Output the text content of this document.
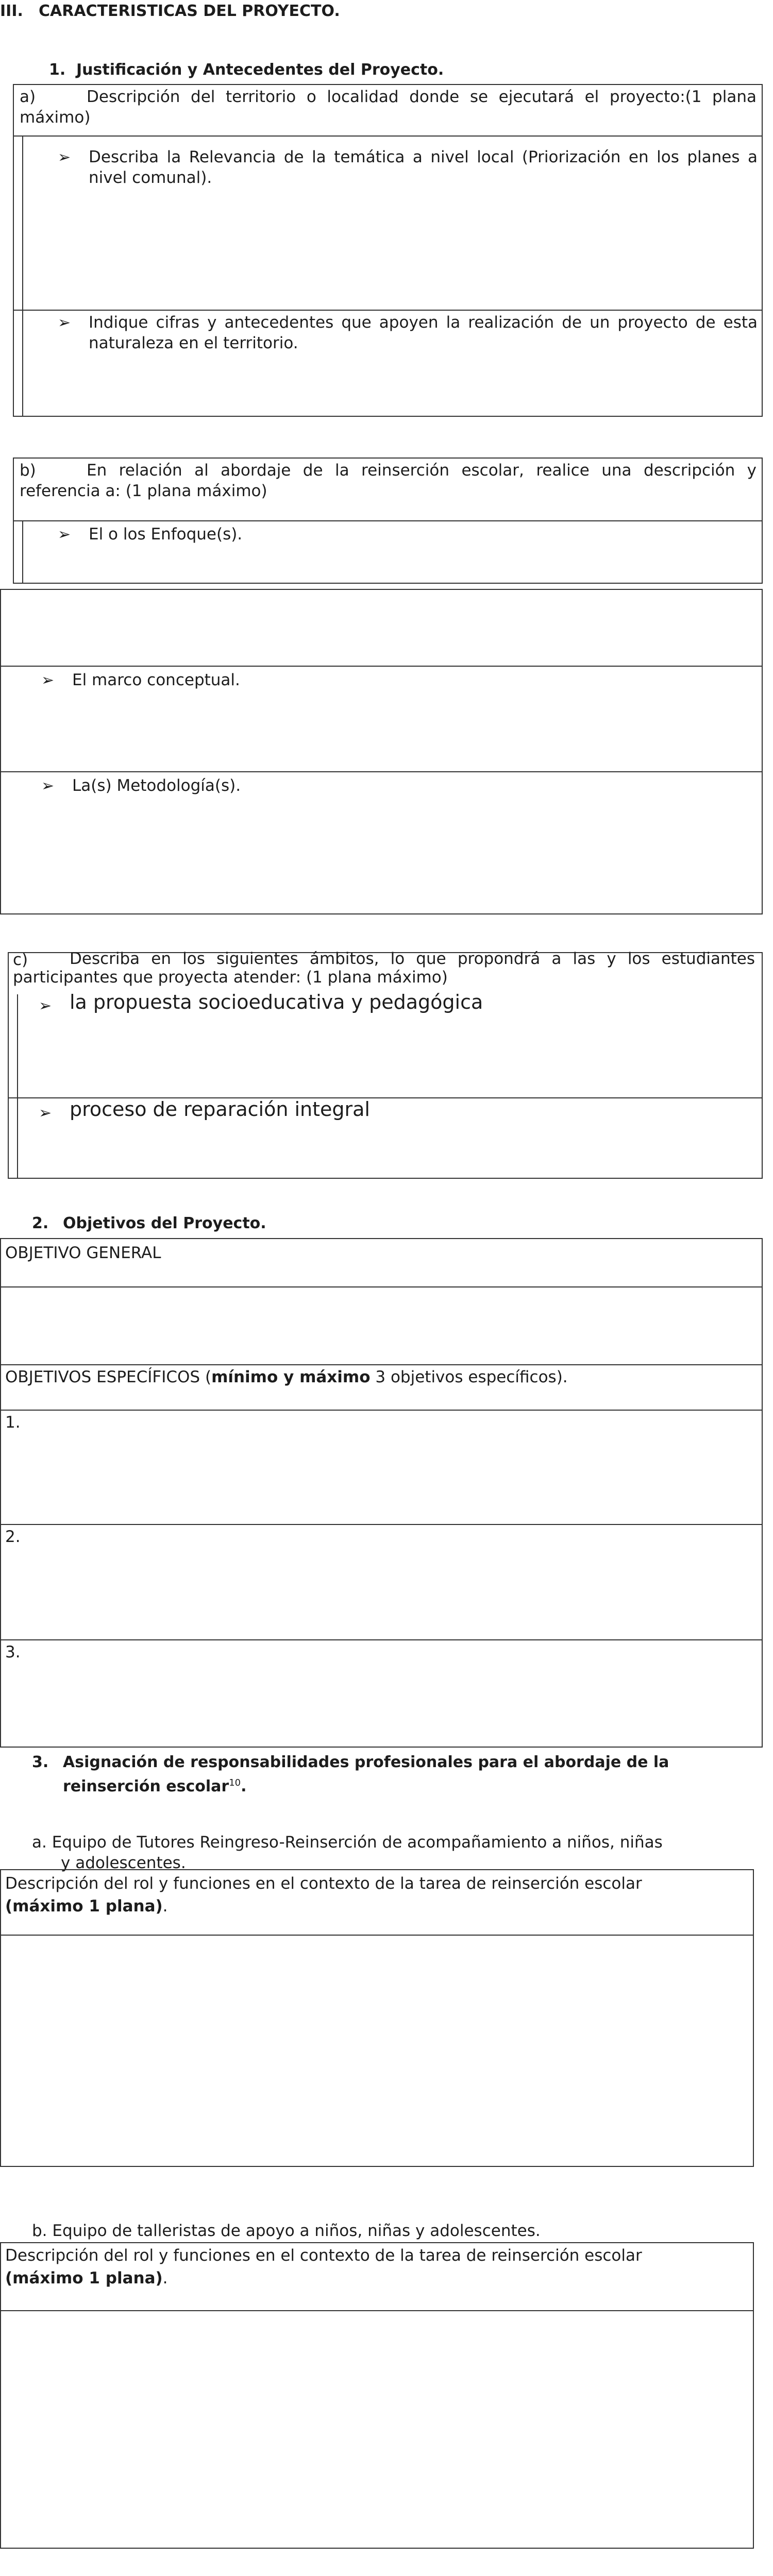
III. CARACTERISTICAS DEL PROYECTO.
1. Justificación y Antecedentes del Proyecto.
a)	Descripción del territorio o localidad donde se ejecutará el proyecto:(1 plana máximo)
➢ Describa la Relevancia de la temática a nivel local (Priorización en los planes a nivel comunal).
➢ Indique cifras y antecedentes que apoyen la realización de un proyecto de esta naturaleza en el territorio.
b)	En relación al abordaje de la reinserción escolar, realice una descripción y referencia a: (1 plana máximo)
➢ El o los Enfoque(s).
➢ El marco conceptual.
➢ La(s) Metodología(s).
c)	Describa en los siguientes ámbitos, lo que propondrá a las y los estudiantes participantes que proyecta atender: (1 plana máximo)
➢ la propuesta socioeducativa y pedagógica
➢ proceso de reparación integral
2. Objetivos del Proyecto.
OBJETIVO GENERAL
OBJETIVOS ESPECÍFICOS (mínimo y máximo 3 objetivos específicos).
1.
2.
3.
3. Asignación de responsabilidades profesionales para el abordaje de la
reinserción escolar$^{10}$.
a. Equipo de Tutores Reingreso-Reinserción de acompañamiento a niños, niñas
y adolescentes.
Descripción del rol y funciones en el contexto de la tarea de reinserción escolar
(máximo 1 plana).
b. Equipo de talleristas de apoyo a niños, niñas y adolescentes.
Descripción del rol y funciones en el contexto de la tarea de reinserción escolar
(máximo 1 plana).
